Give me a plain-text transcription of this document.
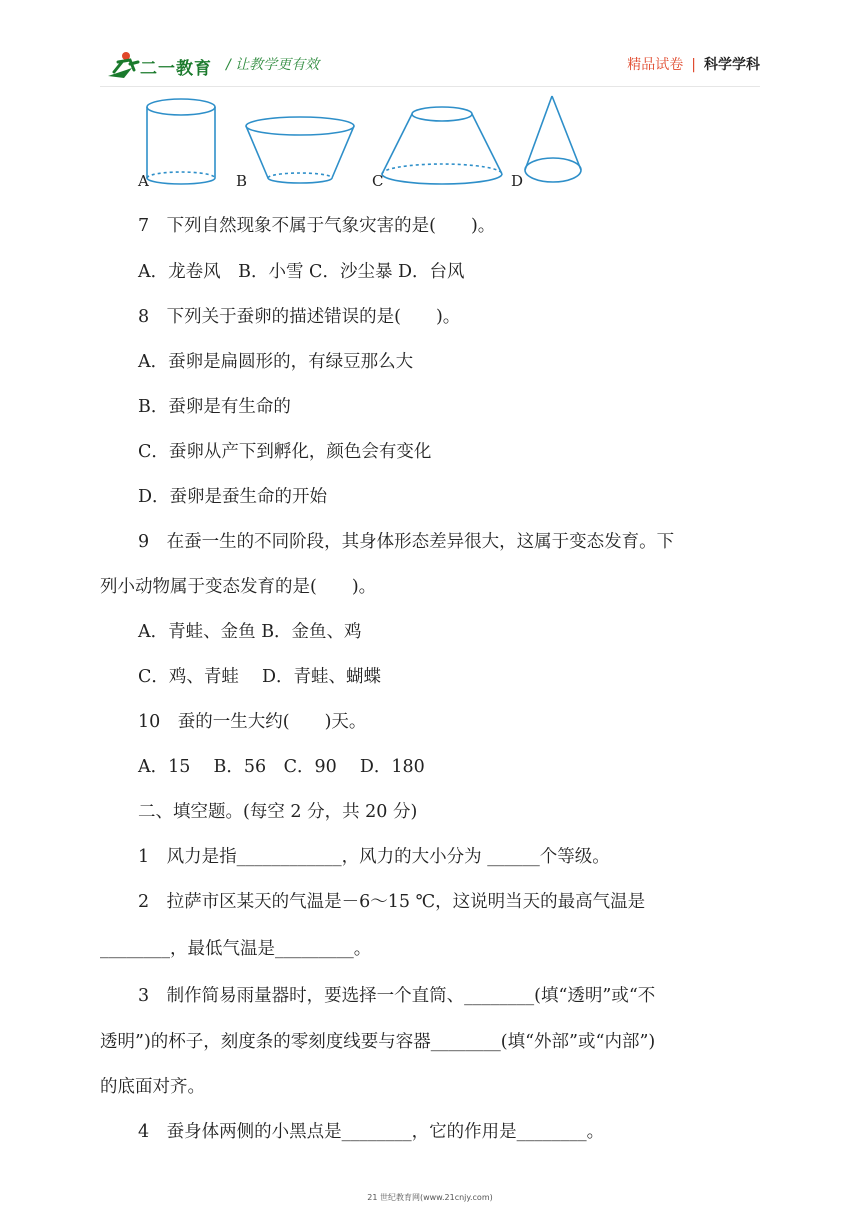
二一教育 / 让教学更有效	精品试卷 | 科学学科
A	B	C	D
7　下列自然现象不属于气象灾害的是(　　)。
A．龙卷风　B．小雪 C．沙尘暴 D．台风
8　下列关于蚕卵的描述错误的是(　　)。
A．蚕卵是扁圆形的，有绿豆那么大
B．蚕卵是有生命的
C．蚕卵从产下到孵化，颜色会有变化
D．蚕卵是蚕生命的开始
9　在蚕一生的不同阶段，其身体形态差异很大，这属于变态发育。下
列小动物属于变态发育的是(　　)。
A．青蛙、金鱼 B．金鱼、鸡
C．鸡、青蛙　 D．青蛙、蝴蝶
10　蚕的一生大约(　　)天。
A．15　 B．56　C．90　 D．180
二、填空题。(每空 2 分，共 20 分)
1　风力是指____________，风力的大小分为 ______个等级。
2　拉萨市区某天的气温是－6～15 ℃，这说明当天的最高气温是
________，最低气温是_________。
3　制作简易雨量器时，要选择一个直筒、________(填“透明”或“不
透明”)的杯子，刻度条的零刻度线要与容器________(填“外部”或“内部”)
的底面对齐。
4　蚕身体两侧的小黑点是________，它的作用是________。
21 世纪教育网(www.21cnjy.com)
